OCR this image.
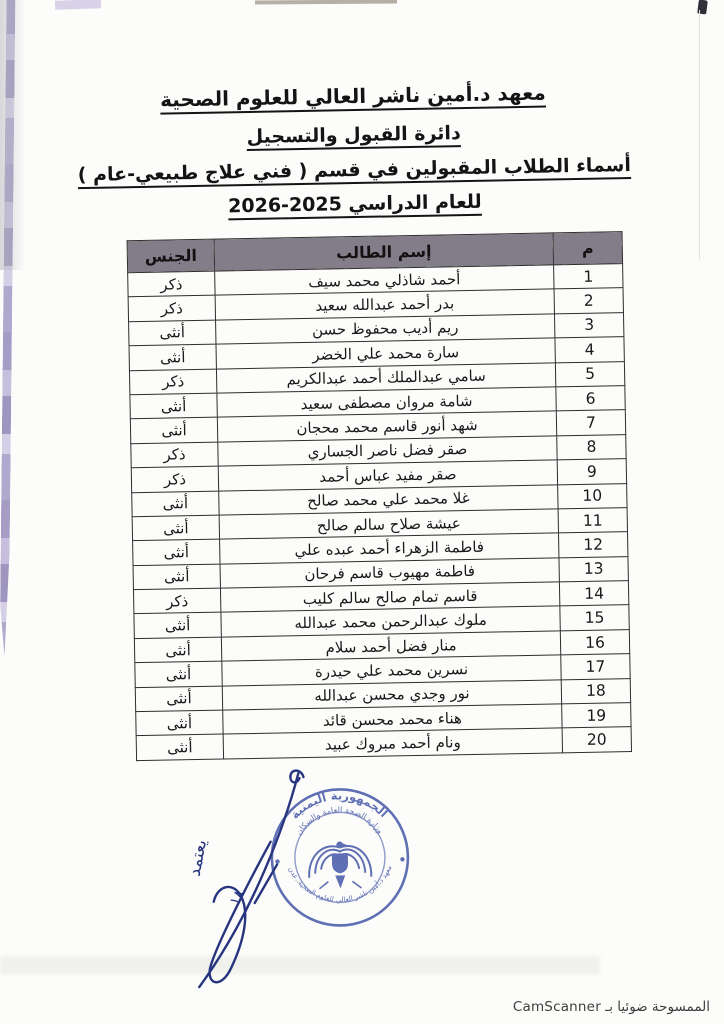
معهد د.أمين ناشر العالي للعلوم الصحية
دائرة القبول والتسجيل
أسماء الطلاب المقبولين في قسم ( فني علاج طبيعي-عام )
للعام الدراسي 2025-2026
م	إسم الطالب	الجنس
1	أحمد شاذلي محمد سيف	ذكر
2	بدر أحمد عبدالله سعيد	ذكر
3	ريم أديب محفوظ حسن	أنثى
4	سارة محمد علي الخضر	أنثى
5	سامي عبدالملك أحمد عبدالكريم	ذكر
6	شامة مروان مصطفى سعيد	أنثى
7	شهد أنور قاسم محمد محجان	أنثى
8	صقر فضل ناصر الجساري	ذكر
9	صقر مفيد عباس أحمد	ذكر
10	غلا محمد علي محمد صالح	أنثى
11	عيشة صلاح سالم صالح	أنثى
12	فاطمة الزهراء أحمد عبده علي	أنثى
13	فاطمة مهيوب قاسم فرحان	أنثى
14	قاسم تمام صالح سالم كليب	ذكر
15	ملوك عبدالرحمن محمد عبدالله	أنثى
16	منار فضل أحمد سلام	أنثى
17	نسرين محمد علي حيدرة	أنثى
18	نور وجدي محسن عبدالله	أنثى
19	هناء محمد محسن قائد	أنثى
20	ونام أحمد مبروك عبيد	أنثى
الجمهورية اليمنية
وزارة الصحة العامة والسكان
معهد د.أمين ناشر العالي للعلوم الصحية..عدن
يعتمد
١٨
الممسوحة ضوئيا بـ CamScanner
